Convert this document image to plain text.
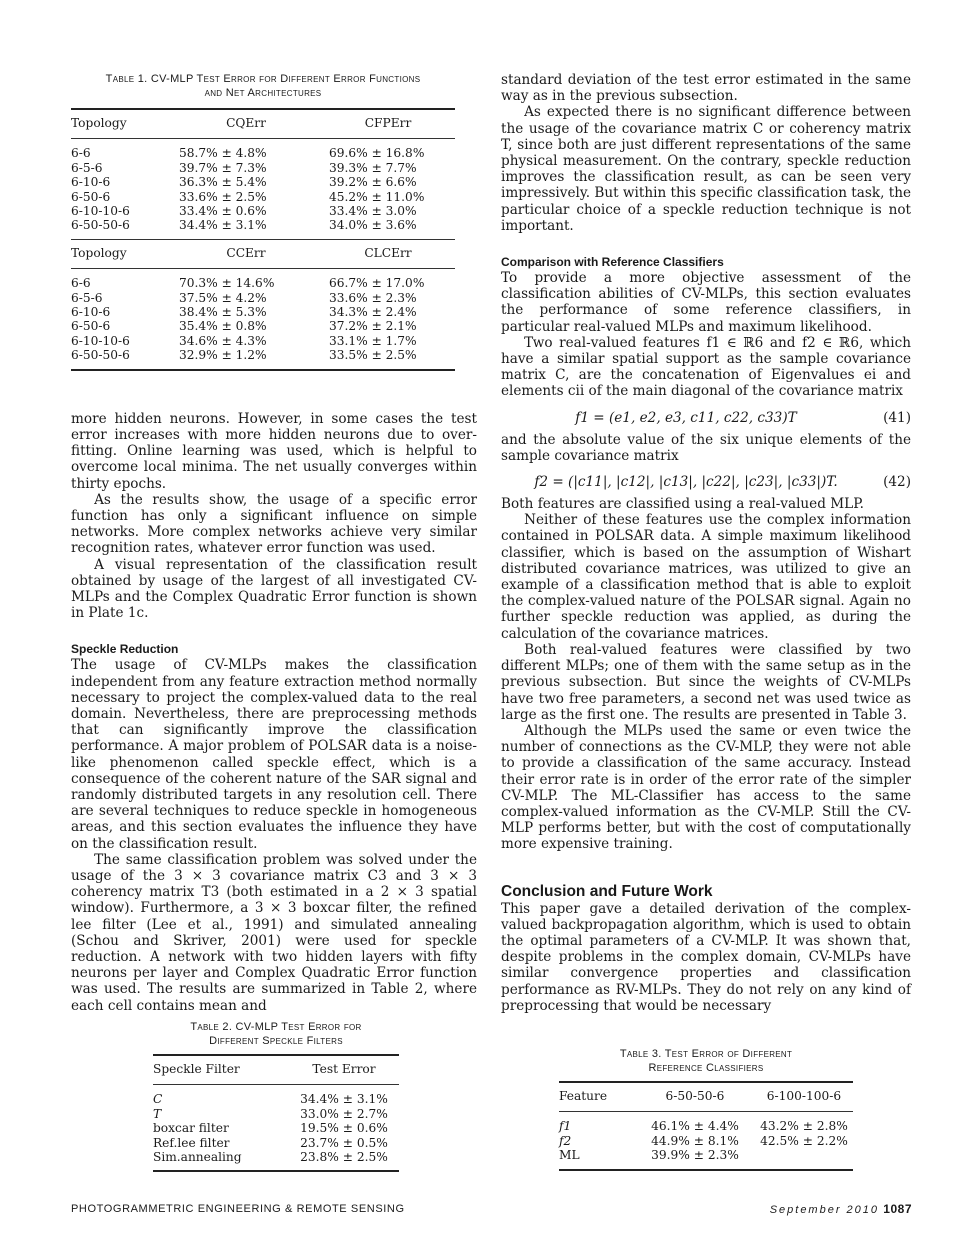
Table 1. CV-MLP Test Error for Different Error Functions
and Net Architectures
Topology	CQErr	CFPErr
6-6	58.7% ± 4.8%	69.6% ± 16.8%
6-5-6	39.7% ± 7.3%	39.3% ± 7.7%
6-10-6	36.3% ± 5.4%	39.2% ± 6.6%
6-50-6	33.6% ± 2.5%	45.2% ± 11.0%
6-10-10-6	33.4% ± 0.6%	33.4% ± 3.0%
6-50-50-6	34.4% ± 3.1%	34.0% ± 3.6%
Topology	CCErr	CLCErr
6-6	70.3% ± 14.6%	66.7% ± 17.0%
6-5-6	37.5% ± 4.2%	33.6% ± 2.3%
6-10-6	38.4% ± 5.3%	34.3% ± 2.4%
6-50-6	35.4% ± 0.8%	37.2% ± 2.1%
6-10-10-6	34.6% ± 4.3%	33.1% ± 1.7%
6-50-50-6	32.9% ± 1.2%	33.5% ± 2.5%

more hidden neurons. However, in some cases the test error increases with more hidden neurons due to over-fitting. Online learning was used, which is helpful to overcome local minima. The net usually converges within thirty epochs.

As the results show, the usage of a specific error function has only a significant influence on simple networks. More complex networks achieve very similar recognition rates, whatever error function was used.

A visual representation of the classification result obtained by usage of the largest of all investigated CV-MLPs and the Complex Quadratic Error function is shown in Plate 1c.

Speckle Reduction

The usage of CV-MLPs makes the classification independent from any feature extraction method normally necessary to project the complex-valued data to the real domain. Nevertheless, there are preprocessing methods that can significantly improve the classification performance. A major problem of POLSAR data is a noise-like phenomenon called speckle effect, which is a consequence of the coherent nature of the SAR signal and randomly distributed targets in any resolution cell. There are several techniques to reduce speckle in homogeneous areas, and this section evaluates the influence they have on the classification result.

The same classification problem was solved under the usage of the 3 × 3 covariance matrix C3 and 3 × 3 coherency matrix T3 (both estimated in a 2 × 3 spatial window). Furthermore, a 3 × 3 boxcar filter, the refined lee filter (Lee et al., 1991) and simulated annealing (Schou and Skriver, 2001) were used for speckle reduction. A network with two hidden layers with fifty neurons per layer and Complex Quadratic Error function was used. The results are summarized in Table 2, where each cell contains mean and

Table 2. CV-MLP Test Error for
Different Speckle Filters
Speckle Filter	Test Error
C	34.4% ± 3.1%
T	33.0% ± 2.7%
boxcar filter	19.5% ± 0.6%
Ref.lee filter	23.7% ± 0.5%
Sim.annealing	23.8% ± 2.5%

standard deviation of the test error estimated in the same way as in the previous subsection.

As expected there is no significant difference between the usage of the covariance matrix C or coherency matrix T, since both are just different representations of the same physical measurement. On the contrary, speckle reduction improves the classification result, as can be seen very impressively. But within this specific classification task, the particular choice of a speckle reduction technique is not important.

Comparison with Reference Classifiers

To provide a more objective assessment of the classification abilities of CV-MLPs, this section evaluates the performance of some reference classifiers, in particular real-valued MLPs and maximum likelihood.

Two real-valued features f1 ∈ ℝ6 and f2 ∈ ℝ6, which have a similar spatial support as the sample covariance matrix C, are the concatenation of Eigenvalues ei and elements cii of the main diagonal of the covariance matrix

f1 = (e1, e2, e3, c11, c22, c33)T	(41)

and the absolute value of the six unique elements of the sample covariance matrix

f2 = (|c11|, |c12|, |c13|, |c22|, |c23|, |c33|)T.	(42)

Both features are classified using a real-valued MLP.

Neither of these features use the complex information contained in POLSAR data. A simple maximum likelihood classifier, which is based on the assumption of Wishart distributed covariance matrices, was utilized to give an example of a classification method that is able to exploit the complex-valued nature of the POLSAR signal. Again no further speckle reduction was applied, as during the calculation of the covariance matrices.

Both real-valued features were classified by two different MLPs; one of them with the same setup as in the previous subsection. But since the weights of CV-MLPs have two free parameters, a second net was used twice as large as the first one. The results are presented in Table 3.

Although the MLPs used the same or even twice the number of connections as the CV-MLP, they were not able to provide a classification of the same accuracy. Instead their error rate is in order of the error rate of the simpler CV-MLP. The ML-Classifier has access to the same complex-valued information as the CV-MLP. Still the CV-MLP performs better, but with the cost of computationally more expensive training.

Conclusion and Future Work

This paper gave a detailed derivation of the complex-valued backpropagation algorithm, which is used to obtain the optimal parameters of a CV-MLP. It was shown that, despite problems in the complex domain, CV-MLPs have similar convergence properties and classification performance as RV-MLPs. They do not rely on any kind of preprocessing that would be necessary

Table 3. Test Error of Different
Reference Classifiers
Feature	6-50-50-6	6-100-100-6
f1	46.1% ± 4.4%	43.2% ± 2.8%
f2	44.9% ± 8.1%	42.5% ± 2.2%
ML	39.9% ± 2.3%	

PHOTOGRAMMETRIC ENGINEERING & REMOTE SENSING	September 2010 1087
